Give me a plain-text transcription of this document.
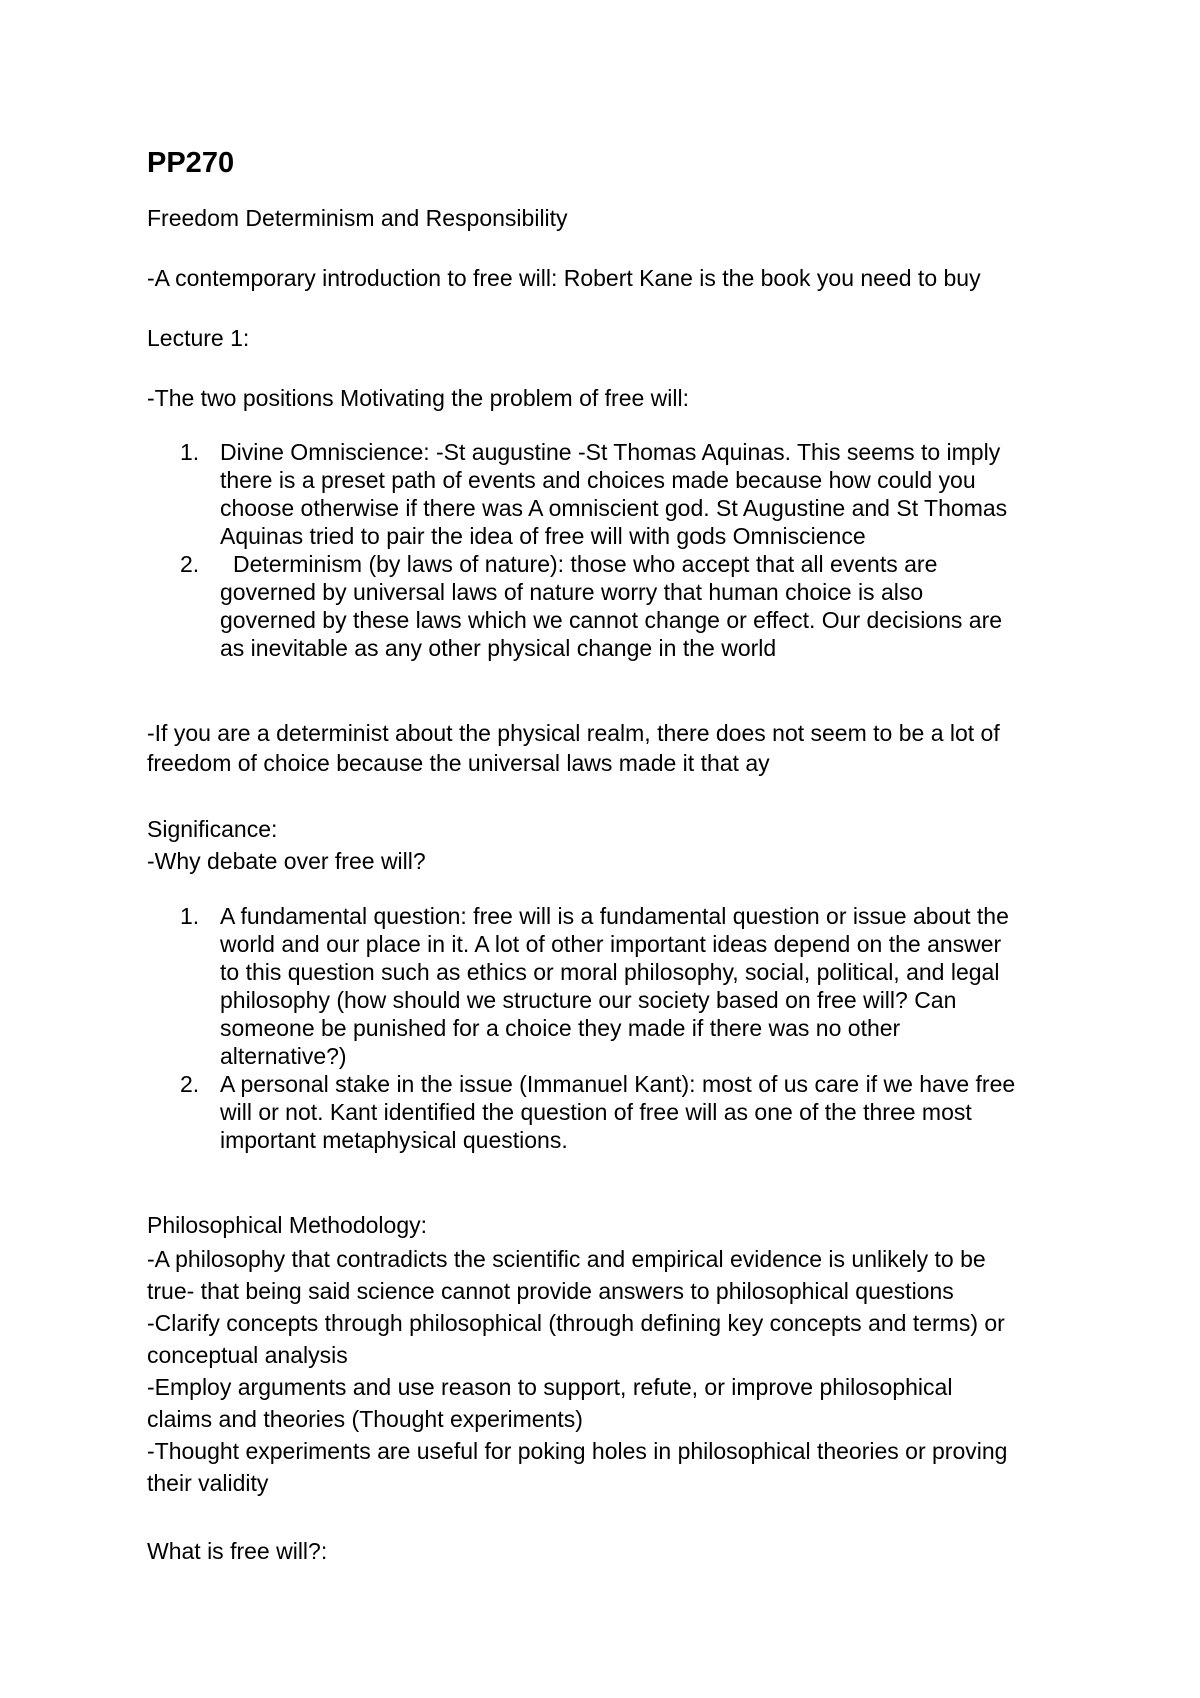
PP270

Freedom Determinism and Responsibility

-A contemporary introduction to free will: Robert Kane is the book you need to buy

Lecture 1:

-The two positions Motivating the problem of free will:

1. Divine Omniscience: -St augustine -St Thomas Aquinas. This seems to imply
there is a preset path of events and choices made because how could you
choose otherwise if there was A omniscient god. St Augustine and St Thomas
Aquinas tried to pair the idea of free will with gods Omniscience
2. Determinism (by laws of nature): those who accept that all events are
governed by universal laws of nature worry that human choice is also
governed by these laws which we cannot change or effect. Our decisions are
as inevitable as any other physical change in the world
-If you are a determinist about the physical realm, there does not seem to be a lot of
freedom of choice because the universal laws made it that ay

Significance:

-Why debate over free will?

1. A fundamental question: free will is a fundamental question or issue about the
world and our place in it. A lot of other important ideas depend on the answer
to this question such as ethics or moral philosophy, social, political, and legal
philosophy (how should we structure our society based on free will? Can
someone be punished for a choice they made if there was no other
alternative?)
2. A personal stake in the issue (Immanuel Kant): most of us care if we have free
will or not. Kant identified the question of free will as one of the three most
important metaphysical questions.

Philosophical Methodology:

-A philosophy that contradicts the scientific and empirical evidence is unlikely to be
true- that being said science cannot provide answers to philosophical questions
-Clarify concepts through philosophical (through defining key concepts and terms) or
conceptual analysis
-Employ arguments and use reason to support, refute, or improve philosophical
claims and theories (Thought experiments)
-Thought experiments are useful for poking holes in philosophical theories or proving
their validity

What is free will?:
